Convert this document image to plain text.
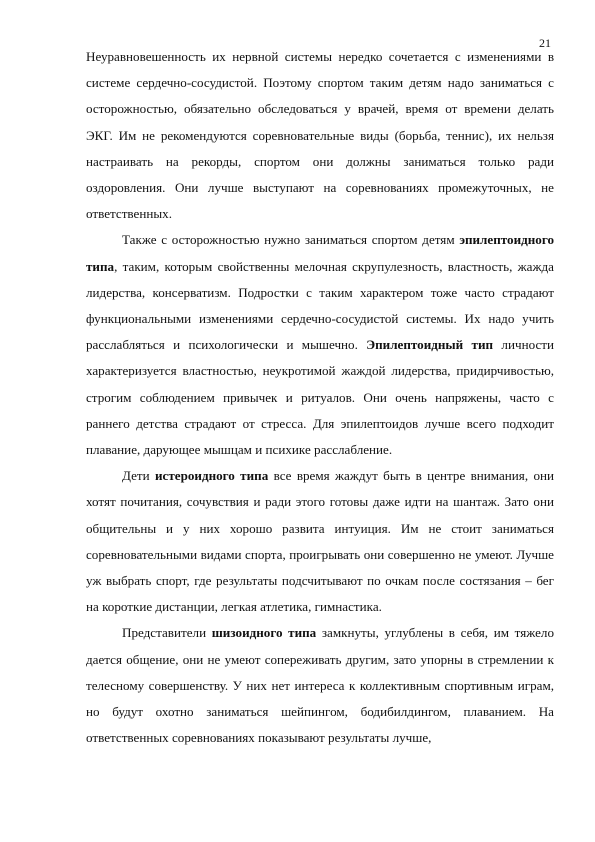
21

Неуравновешенность их нервной системы нередко сочетается с изменениями в системе сердечно-сосудистой. Поэтому спортом таким детям надо заниматься с осторожностью, обязательно обследоваться у врачей, время от времени делать ЭКГ. Им не рекомендуются соревновательные виды (борьба, теннис), их нельзя настраивать на рекорды, спортом они должны заниматься только ради оздоровления. Они лучше выступают на соревнованиях промежуточных, не ответственных.

Также с осторожностью нужно заниматься спортом детям эпилептоидного типа, таким, которым свойственны мелочная скрупулезность, властность, жажда лидерства, консерватизм. Подростки с таким характером тоже часто страдают функциональными изменениями сердечно-сосудистой системы. Их надо учить расслабляться и психологически и мышечно. Эпилептоидный тип личности характеризуется властностью, неукротимой жаждой лидерства, придирчивостью, строгим соблюдением привычек и ритуалов. Они очень напряжены, часто с раннего детства страдают от стресса. Для эпилептоидов лучше всего подходит плавание, дарующее мышцам и психике расслабление.

Дети истероидного типа все время жаждут быть в центре внимания, они хотят почитания, сочувствия и ради этого готовы даже идти на шантаж. Зато они общительны и у них хорошо развита интуиция. Им не стоит заниматься соревновательными видами спорта, проигрывать они совершенно не умеют. Лучше уж выбрать спорт, где результаты подсчитывают по очкам после состязания – бег на короткие дистанции, легкая атлетика, гимнастика.

Представители шизоидного типа замкнуты, углублены в себя, им тяжело дается общение, они не умеют сопереживать другим, зато упорны в стремлении к телесному совершенству. У них нет интереса к коллективным спортивным играм, но будут охотно заниматься шейпингом, бодибилдингом, плаванием. На ответственных соревнованиях показывают результаты лучше,
